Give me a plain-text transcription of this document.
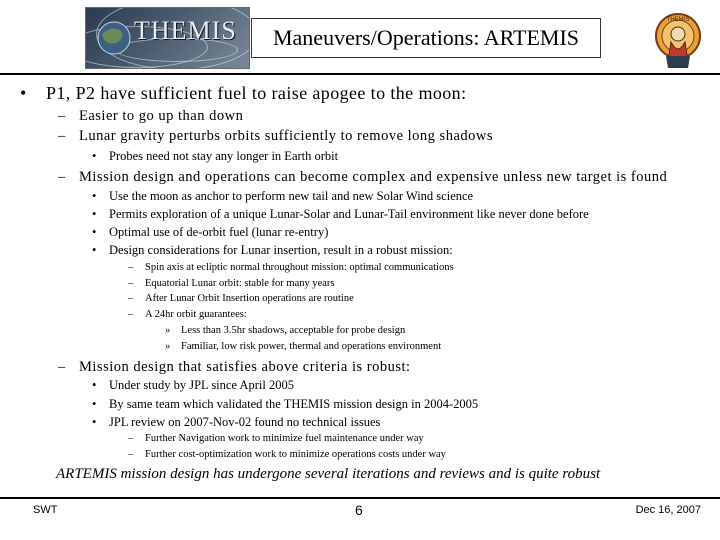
THEMIS Maneuvers/Operations: ARTEMIS
THEMIS
• P1, P2 have sufficient fuel to raise apogee to the moon:
– Easier to go up than down
– Lunar gravity perturbs orbits sufficiently to remove long shadows
• Probes need not stay any longer in Earth orbit
– Mission design and operations can become complex and expensive unless new target is found
• Use the moon as anchor to perform new tail and new Solar Wind science
• Permits exploration of a unique Lunar-Solar and Lunar-Tail environment like never done before
• Optimal use of de-orbit fuel (lunar re-entry)
• Design considerations for Lunar insertion, result in a robust mission:
– Spin axis at ecliptic normal throughout mission: optimal communications
– Equatorial Lunar orbit: stable for many years
– After Lunar Orbit Insertion operations are routine
– A 24hr orbit guarantees:
» Less than 3.5hr shadows, acceptable for probe design
» Familiar, low risk power, thermal and operations environment
– Mission design that satisfies above criteria is robust:
• Under study by JPL since April 2005
• By same team which validated the THEMIS mission design in 2004-2005
• JPL review on 2007-Nov-02 found no technical issues
– Further Navigation work to minimize fuel maintenance under way
– Further cost-optimization work to minimize operations costs under way
ARTEMIS mission design has undergone several iterations and reviews and is quite robust
SWT	6	Dec 16, 2007
